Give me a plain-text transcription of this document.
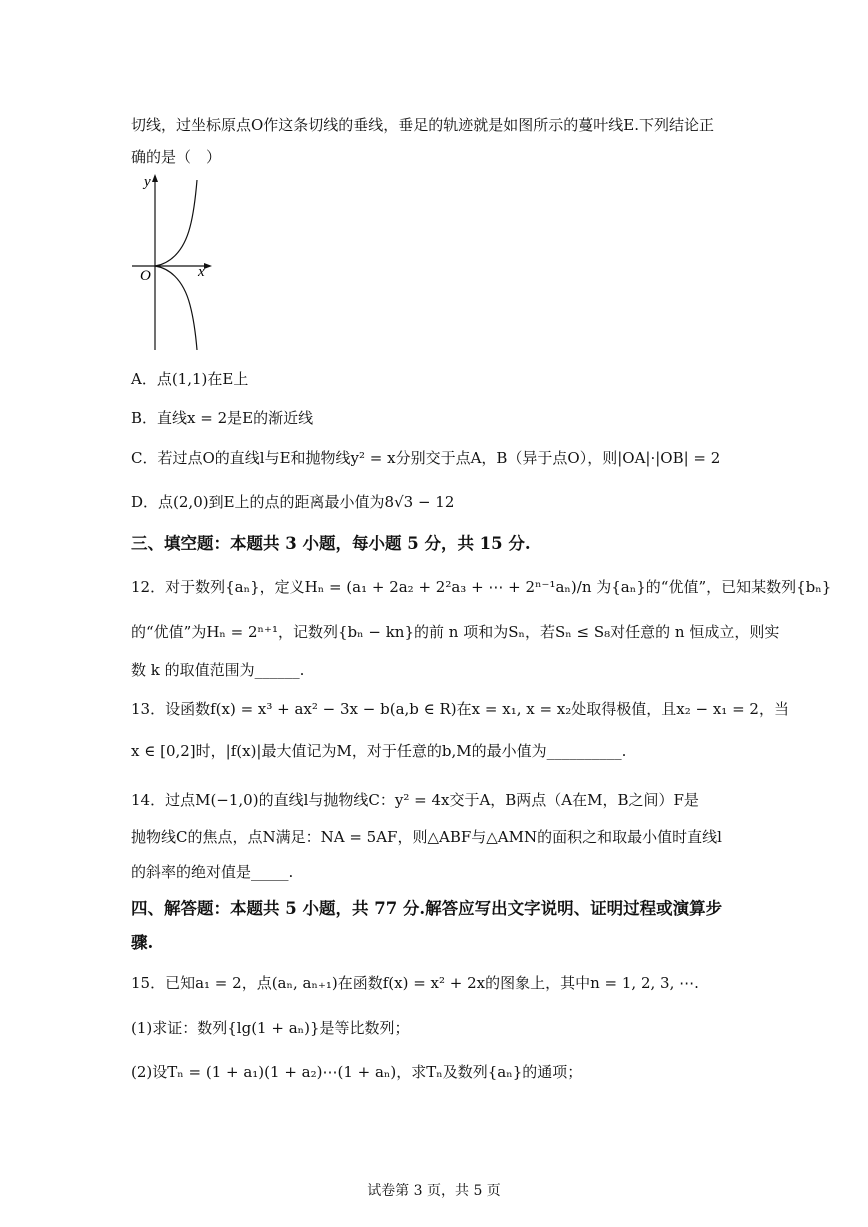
切线，过坐标原点O作这条切线的垂线，垂足的轨迹就是如图所示的蔓叶线E.下列结论正
确的是（　）
y
x
O
A．点(1,1)在E上
B．直线x = 2是E的渐近线
C．若过点O的直线l与E和抛物线y² = x分别交于点A，B（异于点O），则|OA|·|OB| = 2
D．点(2,0)到E上的点的距离最小值为8√3 − 12
三、填空题：本题共 3 小题，每小题 5 分，共 15 分.
12．对于数列{aₙ}，定义Hₙ = (a₁ + 2a₂ + 2²a₃ + ⋯ + 2ⁿ⁻¹aₙ)/n 为{aₙ}的“优值”，已知某数列{bₙ}
的“优值”为Hₙ = 2ⁿ⁺¹，记数列{bₙ − kn}的前 n 项和为Sₙ，若Sₙ ≤ S₈对任意的 n 恒成立，则实
数 k 的取值范围为______.
13．设函数f(x) = x³ + ax² − 3x − b(a,b ∈ R)在x = x₁, x = x₂处取得极值，且x₂ − x₁ = 2，当
x ∈ [0,2]时，|f(x)|最大值记为M，对于任意的b,M的最小值为__________.
14．过点M(−1,0)的直线l与抛物线C：y² = 4x交于A，B两点（A在M，B之间）F是
抛物线C的焦点，点N满足：NA = 5AF，则△ABF与△AMN的面积之和取最小值时直线l
的斜率的绝对值是_____.
四、解答题：本题共 5 小题，共 77 分.解答应写出文字说明、证明过程或演算步
骤.
15．已知a₁ = 2，点(aₙ, aₙ₊₁)在函数f(x) = x² + 2x的图象上，其中n = 1, 2, 3, ⋯.
(1)求证：数列{lg(1 + aₙ)}是等比数列；
(2)设Tₙ = (1 + a₁)(1 + a₂)⋯(1 + aₙ)，求Tₙ及数列{aₙ}的通项；
试卷第 3 页，共 5 页
